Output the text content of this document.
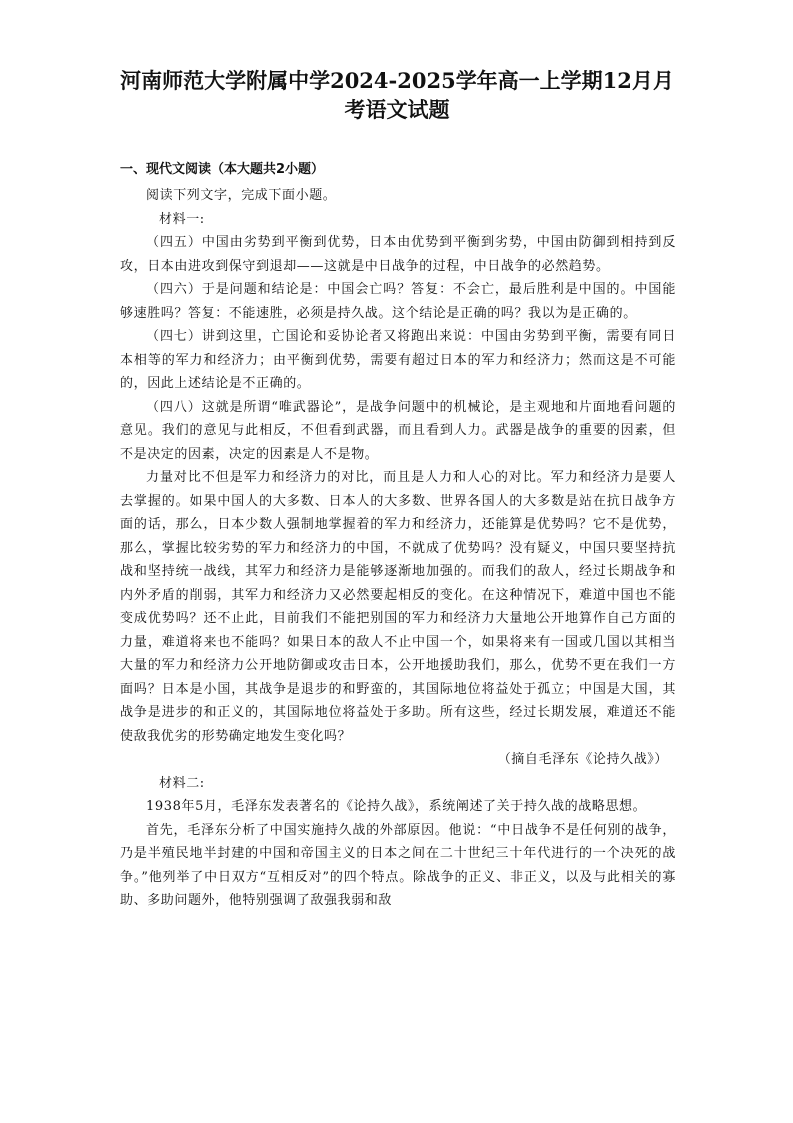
河南师范大学附属中学2024-2025学年高一上学期12月月
考语文试题
一、现代文阅读（本大题共2小题）

阅读下列文字，完成下面小题。

材料一:

（四五）中国由劣势到平衡到优势，日本由优势到平衡到劣势，中国由防御到相持到反攻，日本由进攻到保守到退却——这就是中日战争的过程，中日战争的必然趋势。

（四六）于是问题和结论是：中国会亡吗？答复：不会亡，最后胜利是中国的。中国能够速胜吗？答复：不能速胜，必须是持久战。这个结论是正确的吗？我以为是正确的。

（四七）讲到这里，亡国论和妥协论者又将跑出来说：中国由劣势到平衡，需要有同日本相等的军力和经济力；由平衡到优势，需要有超过日本的军力和经济力；然而这是不可能的，因此上述结论是不正确的。

（四八）这就是所谓“唯武器论”，是战争问题中的机械论，是主观地和片面地看问题的意见。我们的意见与此相反，不但看到武器，而且看到人力。武器是战争的重要的因素，但不是决定的因素，决定的因素是人不是物。

力量对比不但是军力和经济力的对比，而且是人力和人心的对比。军力和经济力是要人去掌握的。如果中国人的大多数、日本人的大多数、世界各国人的大多数是站在抗日战争方面的话，那么，日本少数人强制地掌握着的军力和经济力，还能算是优势吗？它不是优势，那么，掌握比较劣势的军力和经济力的中国，不就成了优势吗？没有疑义，中国只要坚持抗战和坚持统一战线，其军力和经济力是能够逐渐地加强的。而我们的敌人，经过长期战争和内外矛盾的削弱，其军力和经济力又必然要起相反的变化。在这种情况下，难道中国也不能变成优势吗？还不止此，目前我们不能把别国的军力和经济力大量地公开地算作自己方面的力量，难道将来也不能吗？如果日本的敌人不止中国一个，如果将来有一国或几国以其相当大量的军力和经济力公开地防御或攻击日本，公开地援助我们，那么，优势不更在我们一方面吗？日本是小国，其战争是退步的和野蛮的，其国际地位将益处于孤立；中国是大国，其战争是进步的和正义的，其国际地位将益处于多助。所有这些，经过长期发展，难道还不能使敌我优劣的形势确定地发生变化吗？

（摘自毛泽东《论持久战》）

材料二:

1938年5月，毛泽东发表著名的《论持久战》，系统阐述了关于持久战的战略思想。

首先，毛泽东分析了中国实施持久战的外部原因。他说：“中日战争不是任何别的战争，乃是半殖民地半封建的中国和帝国主义的日本之间在二十世纪三十年代进行的一个决死的战争。”他列举了中日双方“互相反对”的四个特点。除战争的正义、非正义，以及与此相关的寡助、多助问题外，他特别强调了敌强我弱和敌
